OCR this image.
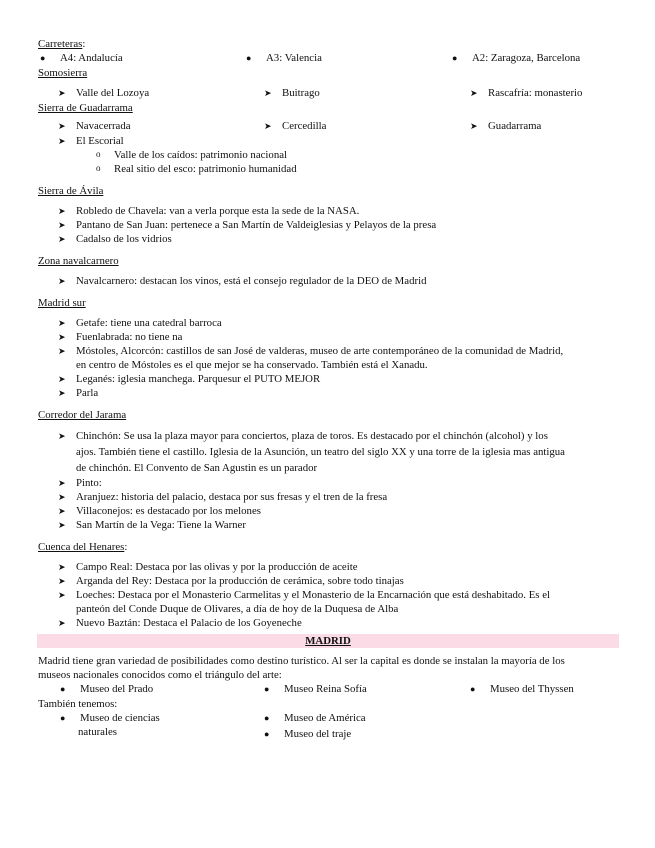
Carreteras:
● A4: Andalucía	● A3: Valencia	● A2: Zaragoza, Barcelona
Somosierra
➤ Valle del Lozoya	➤ Buitrago	➤ Rascafría: monasterio
Sierra de Guadarrama
➤ Navacerrada	➤ Cercedilla	➤ Guadarrama
➤ El Escorial
o Valle de los caídos: patrimonio nacional
o Real sitio del esco: patrimonio humanidad
Sierra de Ávila
➤ Robledo de Chavela: van a verla porque esta la sede de la NASA.
➤ Pantano de San Juan: pertenece a San Martín de Valdeiglesias y Pelayos de la presa
➤ Cadalso de los vidrios
Zona navalcarnero
➤ Navalcarnero: destacan los vinos, está el consejo regulador de la DEO de Madrid
Madrid sur
➤ Getafe: tiene una catedral barroca
➤ Fuenlabrada: no tiene na
➤ Móstoles, Alcorcón: castillos de san José de valderas, museo de arte contemporáneo de la comunidad de Madrid,
en centro de Móstoles es el que mejor se ha conservado. También está el Xanadu.
➤ Leganés: iglesia manchega. Parquesur el PUTO MEJOR
➤ Parla
Corredor del Jarama
➤ Chinchón: Se usa la plaza mayor para conciertos, plaza de toros. Es destacado por el chinchón (alcohol) y los
ajos. También tiene el castillo. Iglesia de la Asunción, un teatro del siglo XX y una torre de la iglesia mas antigua
de chinchón. El Convento de San Agustin es un parador
➤ Pinto:
➤ Aranjuez: historia del palacio, destaca por sus fresas y el tren de la fresa
➤ Villaconejos: es destacado por los melones
➤ San Martín de la Vega: Tiene la Warner
Cuenca del Henares:
➤ Campo Real: Destaca por las olivas y por la producción de aceite
➤ Arganda del Rey: Destaca por la producción de cerámica, sobre todo tinajas
➤ Loeches: Destaca por el Monasterio Carmelitas y el Monasterio de la Encarnación que está deshabitado. Es el
panteón del Conde Duque de Olivares, a día de hoy de la Duquesa de Alba
➤ Nuevo Baztán: Destaca el Palacio de los Goyeneche
MADRID
Madrid tiene gran variedad de posibilidades como destino turístico. Al ser la capital es donde se instalan la mayoría de los
museos nacionales conocidos como el triángulo del arte:
● Museo del Prado	● Museo Reina Sofía	● Museo del Thyssen
También tenemos:
● Museo de ciencias
naturales
● Museo de América
● Museo del traje
